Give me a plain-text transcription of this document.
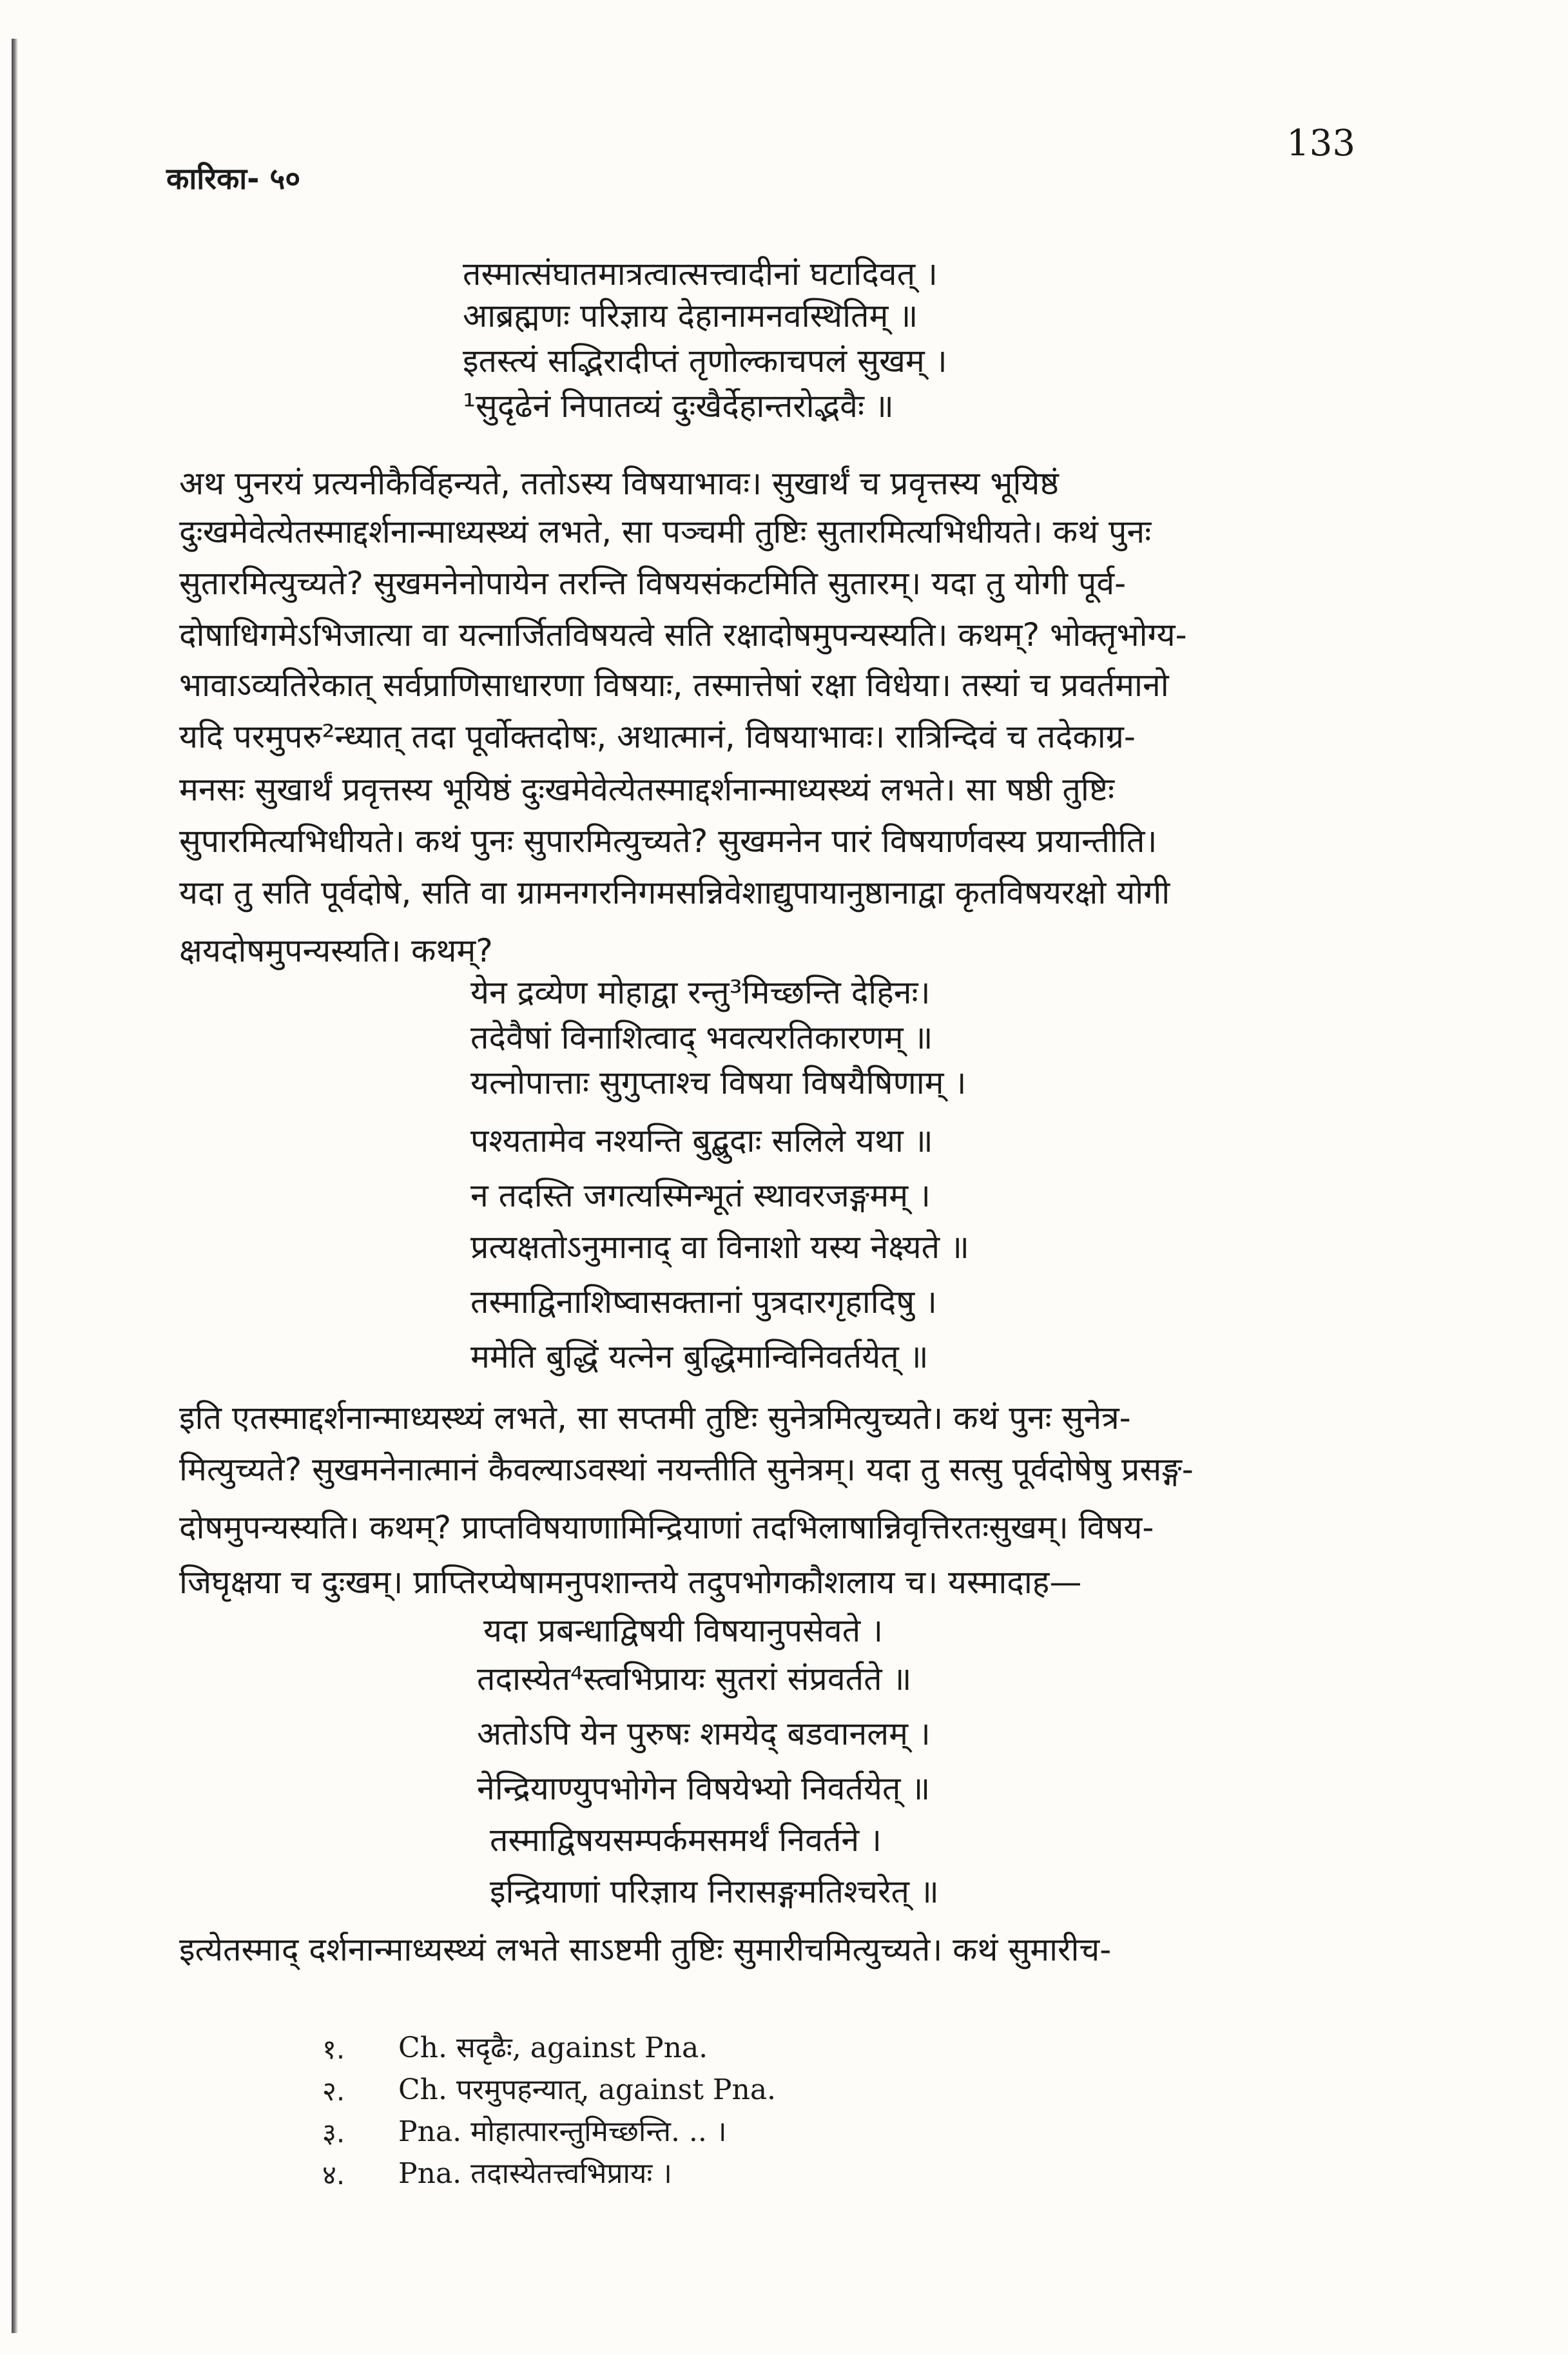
133
कारिका- ५०
तस्मात्संघातमात्रत्वात्सत्त्वादीनां घटादिवत् ।
आब्रह्मणः परिज्ञाय देहानामनवस्थितिम् ॥
इतस्त्यं सद्भिरादीप्तं तृणोल्काचपलं सुखम् ।
¹सुदृढेनं निपातव्यं दुःखैर्देहान्तरोद्भवैः ॥
अथ पुनरयं प्रत्यनीकैर्विहन्यते, ततोऽस्य विषयाभावः। सुखार्थं च प्रवृत्तस्य भूयिष्ठं
दुःखमेवेत्येतस्माद्दर्शनान्माध्यस्थ्यं लभते, सा पञ्चमी तुष्टिः सुतारमित्यभिधीयते। कथं पुनः
सुतारमित्युच्यते? सुखमनेनोपायेन तरन्ति विषयसंकटमिति सुतारम्। यदा तु योगी पूर्व-
दोषाधिगमेऽभिजात्या वा यत्नार्जितविषयत्वे सति रक्षादोषमुपन्यस्यति। कथम्? भोक्तृभोग्य-
भावाऽव्यतिरेकात् सर्वप्राणिसाधारणा विषयाः, तस्मात्तेषां रक्षा विधेया। तस्यां च प्रवर्तमानो
यदि परमुपरु²न्ध्यात् तदा पूर्वोक्तदोषः, अथात्मानं, विषयाभावः। रात्रिन्दिवं च तदेकाग्र-
मनसः सुखार्थं प्रवृत्तस्य भूयिष्ठं दुःखमेवेत्येतस्माद्दर्शनान्माध्यस्थ्यं लभते। सा षष्ठी तुष्टिः
सुपारमित्यभिधीयते। कथं पुनः सुपारमित्युच्यते? सुखमनेन पारं विषयार्णवस्य प्रयान्तीति।
यदा तु सति पूर्वदोषे, सति वा ग्रामनगरनिगमसन्निवेशाद्युपायानुष्ठानाद्वा कृतविषयरक्षो योगी
क्षयदोषमुपन्यस्यति। कथम्?
येन द्रव्येण मोहाद्वा रन्तु³मिच्छन्ति देहिनः।
तदेवैषां विनाशित्वाद् भवत्यरतिकारणम् ॥
यत्नोपात्ताः सुगुप्ताश्च विषया विषयैषिणाम् ।
पश्यतामेव नश्यन्ति बुद्बुदाः सलिले यथा ॥
न तदस्ति जगत्यस्मिन्भूतं स्थावरजङ्गमम् ।
प्रत्यक्षतोऽनुमानाद् वा विनाशो यस्य नेक्ष्यते ॥
तस्माद्विनाशिष्वासक्तानां पुत्रदारगृहादिषु ।
ममेति बुद्धिं यत्नेन बुद्धिमान्विनिवर्तयेत् ॥
इति एतस्माद्दर्शनान्माध्यस्थ्यं लभते, सा सप्तमी तुष्टिः सुनेत्रमित्युच्यते। कथं पुनः सुनेत्र-
मित्युच्यते? सुखमनेनात्मानं कैवल्याऽवस्थां नयन्तीति सुनेत्रम्। यदा तु सत्सु पूर्वदोषेषु प्रसङ्ग-
दोषमुपन्यस्यति। कथम्? प्राप्तविषयाणामिन्द्रियाणां तदभिलाषान्निवृत्तिरतःसुखम्। विषय-
जिघृक्षया च दुःखम्। प्राप्तिरप्येषामनुपशान्तये तदुपभोगकौशलाय च। यस्मादाह—
यदा प्रबन्धाद्विषयी विषयानुपसेवते ।
तदास्येत⁴स्त्वभिप्रायः सुतरां संप्रवर्तते ॥
अतोऽपि येन पुरुषः शमयेद् बडवानलम् ।
नेन्द्रियाण्युपभोगेन विषयेभ्यो निवर्तयेत् ॥
तस्माद्विषयसम्पर्कमसमर्थं निवर्तने ।
इन्द्रियाणां परिज्ञाय निरासङ्गमतिश्चरेत् ॥
इत्येतस्माद् दर्शनान्माध्यस्थ्यं लभते साऽष्टमी तुष्टिः सुमारीचमित्युच्यते। कथं सुमारीच-
१. Ch. सदृढैः, against Pna.
२. Ch. परमुपहन्यात्, against Pna.
३. Pna. मोहात्पारन्तुमिच्छन्ति. .. ।
४. Pna. तदास्येतत्त्वभिप्रायः ।
